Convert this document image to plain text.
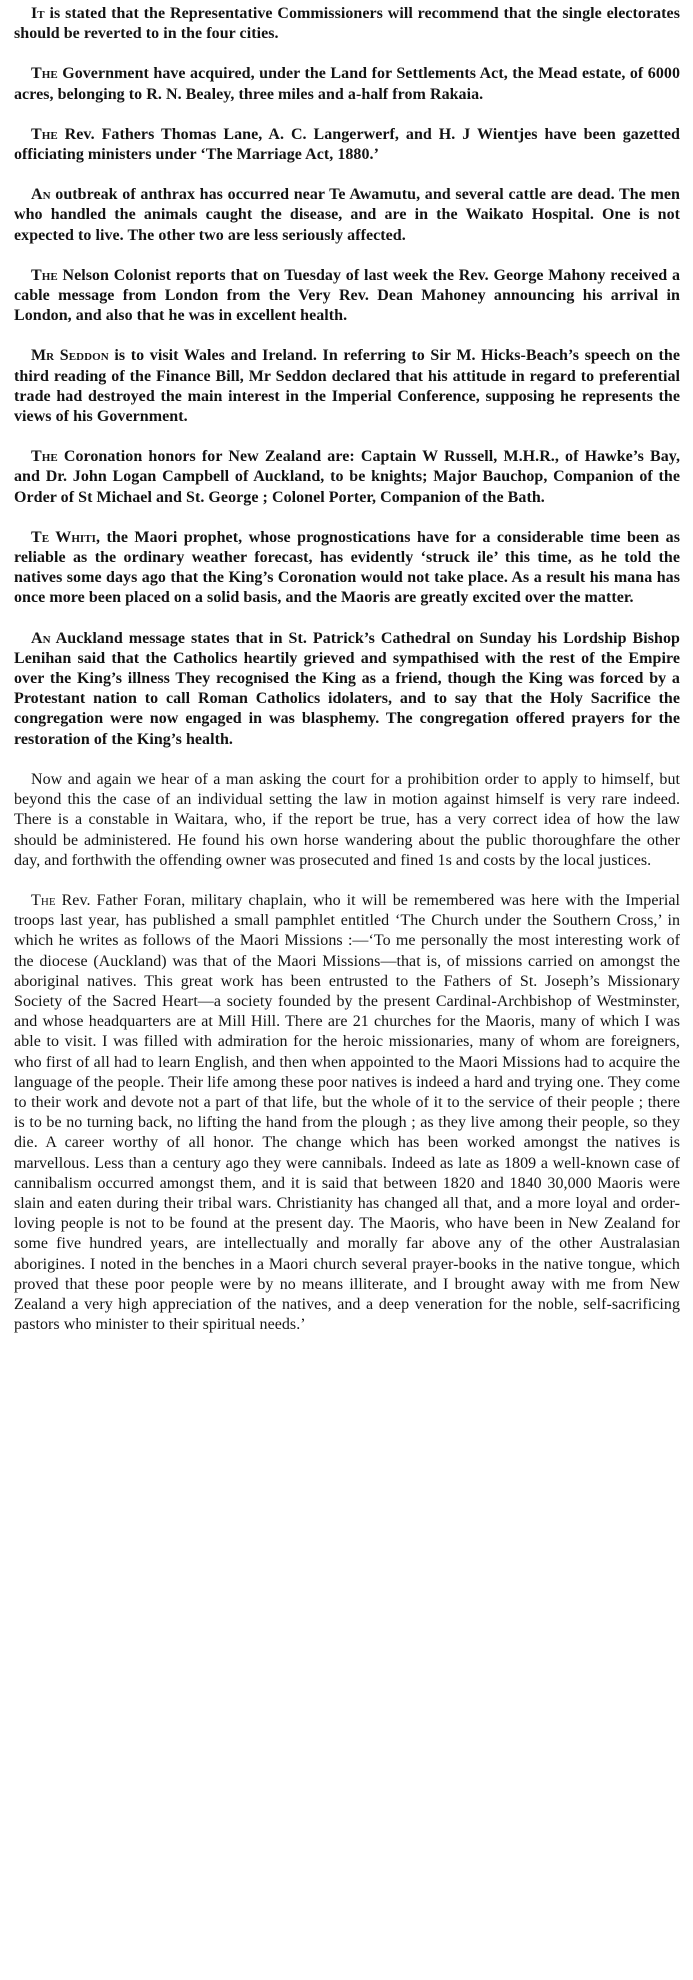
It is stated that the Representative Commissioners will recommend that the single electorates should be reverted to in the four cities.

The Government have acquired, under the Land for Settlements Act, the Mead estate, of 6000 acres, belonging to R. N. Bealey, three miles and a-half from Rakaia.

The Rev. Fathers Thomas Lane, A. C. Langerwerf, and H. J Wientjes have been gazetted officiating ministers under ‘The Marriage Act, 1880.’

An outbreak of anthrax has occurred near Te Awamutu, and several cattle are dead. The men who handled the animals caught the disease, and are in the Waikato Hospital. One is not expected to live. The other two are less seriously affected.

The Nelson Colonist reports that on Tuesday of last week the Rev. George Mahony received a cable message from London from the Very Rev. Dean Mahoney announcing his arrival in London, and also that he was in excellent health.

Mr Seddon is to visit Wales and Ireland. In referring to Sir M. Hicks-Beach’s speech on the third reading of the Finance Bill, Mr Seddon declared that his attitude in regard to preferential trade had destroyed the main interest in the Imperial Conference, supposing he represents the views of his Government.

The Coronation honors for New Zealand are: Captain W Russell, M.H.R., of Hawke’s Bay, and Dr. John Logan Campbell of Auckland, to be knights; Major Bauchop, Companion of the Order of St Michael and St. George ; Colonel Porter, Companion of the Bath.

Te Whiti, the Maori prophet, whose prognostications have for a considerable time been as reliable as the ordinary weather forecast, has evidently ‘struck ile’ this time, as he told the natives some days ago that the King’s Coronation would not take place. As a result his mana has once more been placed on a solid basis, and the Maoris are greatly excited over the matter.

An Auckland message states that in St. Patrick’s Cathedral on Sunday his Lordship Bishop Lenihan said that the Catholics heartily grieved and sympathised with the rest of the Empire over the King’s illness They recognised the King as a friend, though the King was forced by a Protestant nation to call Roman Catholics idolaters, and to say that the Holy Sacrifice the congregation were now engaged in was blasphemy. The congregation offered prayers for the restoration of the King’s health.

Now and again we hear of a man asking the court for a prohibition order to apply to himself, but beyond this the case of an individual setting the law in motion against himself is very rare indeed. There is a constable in Waitara, who, if the report be true, has a very correct idea of how the law should be administered. He found his own horse wandering about the public thoroughfare the other day, and forthwith the offending owner was prosecuted and fined 1s and costs by the local justices.

The Rev. Father Foran, military chaplain, who it will be remembered was here with the Imperial troops last year, has published a small pamphlet entitled ‘The Church under the Southern Cross,’ in which he writes as follows of the Maori Missions :—‘To me personally the most interesting work of the diocese (Auckland) was that of the Maori Missions—that is, of missions carried on amongst the aboriginal natives. This great work has been entrusted to the Fathers of St. Joseph’s Missionary Society of the Sacred Heart—a society founded by the present Cardinal-Archbishop of Westminster, and whose headquarters are at Mill Hill. There are 21 churches for the Maoris, many of which I was able to visit. I was filled with admiration for the heroic missionaries, many of whom are foreigners, who first of all had to learn English, and then when appointed to the Maori Missions had to acquire the language of the people. Their life among these poor natives is indeed a hard and trying one. They come to their work and devote not a part of that life, but the whole of it to the service of their people ; there is to be no turning back, no lifting the hand from the plough ; as they live among their people, so they die. A career worthy of all honor. The change which has been worked amongst the natives is marvellous. Less than a century ago they were cannibals. Indeed as late as 1809 a well-known case of cannibalism occurred amongst them, and it is said that between 1820 and 1840 30,000 Maoris were slain and eaten during their tribal wars. Christianity has changed all that, and a more loyal and order-loving people is not to be found at the present day. The Maoris, who have been in New Zealand for some five hundred years, are intellectually and morally far above any of the other Australasian aborigines. I noted in the benches in a Maori church several prayer-books in the native tongue, which proved that these poor people were by no means illiterate, and I brought away with me from New Zealand a very high appreciation of the natives, and a deep veneration for the noble, self-sacrificing pastors who minister to their spiritual needs.’
